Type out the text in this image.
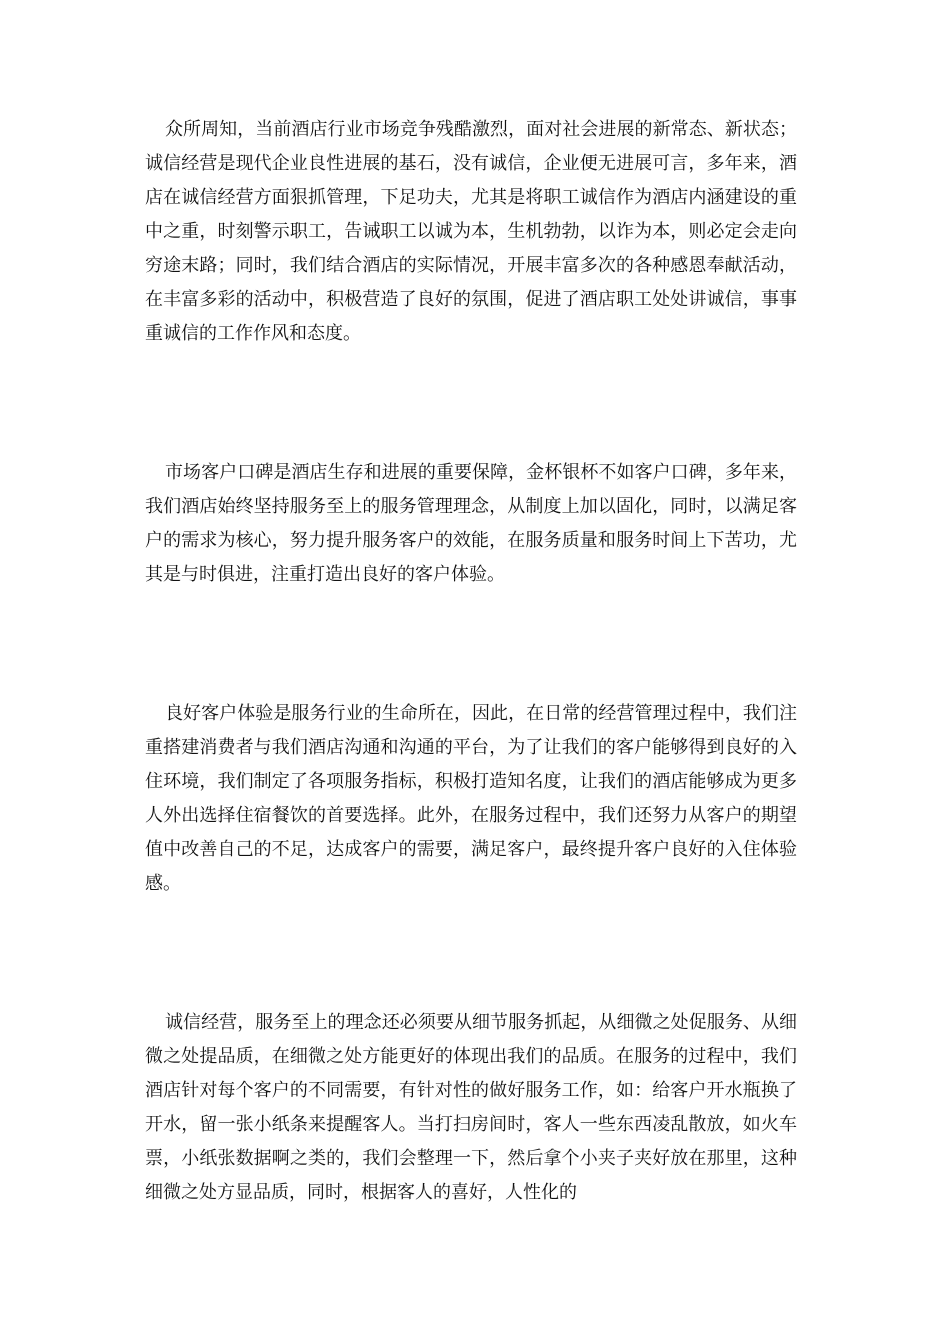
众所周知，当前酒店行业市场竞争残酷激烈，面对社会进展的新常态、新状态；诚信经营是现代企业良性进展的基石，没有诚信，企业便无进展可言，多年来，酒店在诚信经营方面狠抓管理，下足功夫，尤其是将职工诚信作为酒店内涵建设的重中之重，时刻警示职工，告诫职工以诚为本，生机勃勃，以诈为本，则必定会走向穷途末路；同时，我们结合酒店的实际情况，开展丰富多次的各种感恩奉献活动，在丰富多彩的活动中，积极营造了良好的氛围，促进了酒店职工处处讲诚信，事事重诚信的工作作风和态度。

市场客户口碑是酒店生存和进展的重要保障，金杯银杯不如客户口碑，多年来，我们酒店始终坚持服务至上的服务管理理念，从制度上加以固化，同时，以满足客户的需求为核心，努力提升服务客户的效能，在服务质量和服务时间上下苦功，尤其是与时俱进，注重打造出良好的客户体验。

良好客户体验是服务行业的生命所在，因此，在日常的经营管理过程中，我们注重搭建消费者与我们酒店沟通和沟通的平台，为了让我们的客户能够得到良好的入住环境，我们制定了各项服务指标，积极打造知名度，让我们的酒店能够成为更多人外出选择住宿餐饮的首要选择。此外，在服务过程中，我们还努力从客户的期望值中改善自己的不足，达成客户的需要，满足客户，最终提升客户良好的入住体验感。

诚信经营，服务至上的理念还必须要从细节服务抓起，从细微之处促服务、从细微之处提品质，在细微之处方能更好的体现出我们的品质。在服务的过程中，我们酒店针对每个客户的不同需要，有针对性的做好服务工作，如：给客户开水瓶换了开水，留一张小纸条来提醒客人。当打扫房间时，客人一些东西凌乱散放，如火车票，小纸张数据啊之类的，我们会整理一下，然后拿个小夹子夹好放在那里，这种细微之处方显品质，同时，根据客人的喜好，人性化的
